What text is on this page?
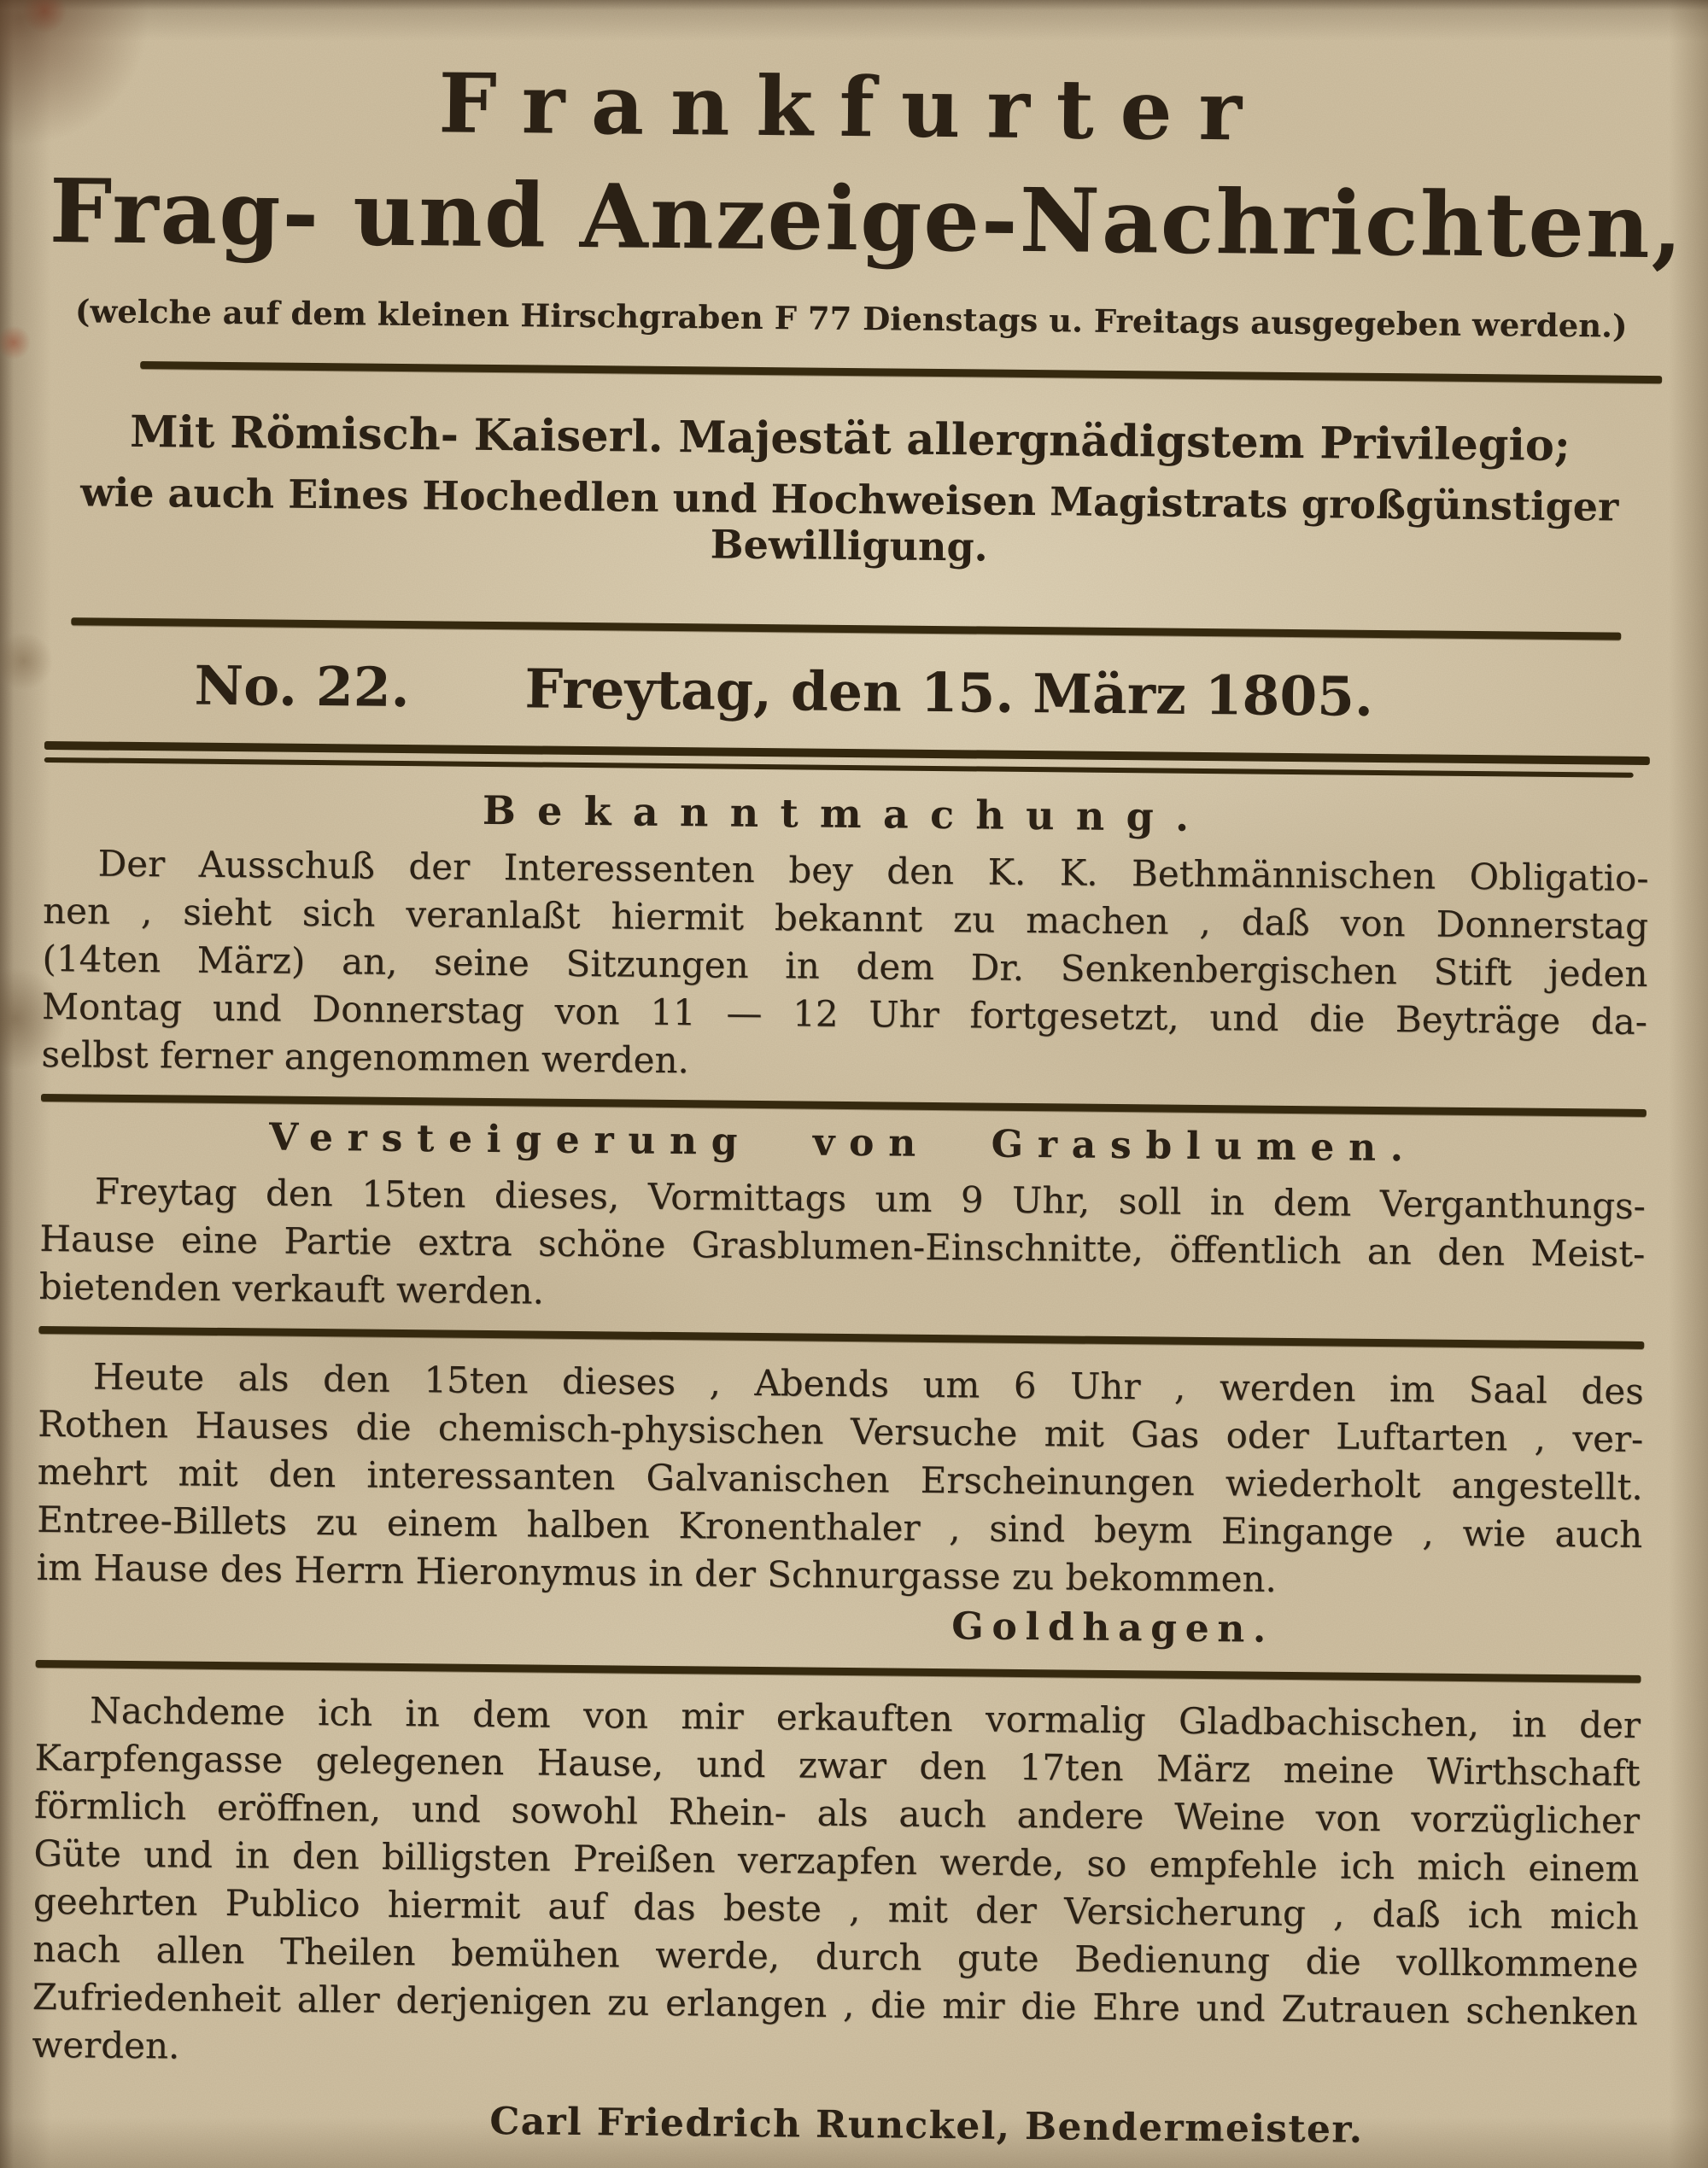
Frankfurter
Frag- und Anzeige-Nachrichten,

(welche auf dem kleinen Hirschgraben F 77 Dienstags u. Freitags ausgegeben werden.)

Mit Römisch- Kaiserl. Majestät allergnädigstem Privilegio;

wie auch Eines Hochedlen und Hochweisen Magistrats großgünstiger Bewilligung.

No. 22. Freytag, den 15. März 1805.
Bekanntmachung.

Der Ausschuß der Interessenten bey den K. K. Bethmännischen Obligatio-

nen , sieht sich veranlaßt hiermit bekannt zu machen , daß von Donnerstag

(14ten März) an, seine Sitzungen in dem Dr. Senkenbergischen Stift jeden

Montag und Donnerstag von 11 — 12 Uhr fortgesetzt, und die Beyträge da-

selbst ferner angenommen werden.

Versteigerung von Grasblumen.

Freytag den 15ten dieses, Vormittags um 9 Uhr, soll in dem Verganthungs-

Hause eine Partie extra schöne Grasblumen-Einschnitte, öffentlich an den Meist-

bietenden verkauft werden.

Heute als den 15ten dieses , Abends um 6 Uhr , werden im Saal des

Rothen Hauses die chemisch-physischen Versuche mit Gas oder Luftarten , ver-

mehrt mit den interessanten Galvanischen Erscheinungen wiederholt angestellt.

Entree-Billets zu einem halben Kronenthaler , sind beym Eingange , wie auch

im Hause des Herrn Hieronymus in der Schnurgasse zu bekommen.

Goldhagen.

Nachdeme ich in dem von mir erkauften vormalig Gladbachischen, in der

Karpfengasse gelegenen Hause, und zwar den 17ten März meine Wirthschaft

förmlich eröffnen, und sowohl Rhein- als auch andere Weine von vorzüglicher

Güte und in den billigsten Preißen verzapfen werde, so empfehle ich mich einem

geehrten Publico hiermit auf das beste , mit der Versicherung , daß ich mich

nach allen Theilen bemühen werde, durch gute Bedienung die vollkommene

Zufriedenheit aller derjenigen zu erlangen , die mir die Ehre und Zutrauen schenken

werden.

Carl Friedrich Runckel, Bendermeister.
